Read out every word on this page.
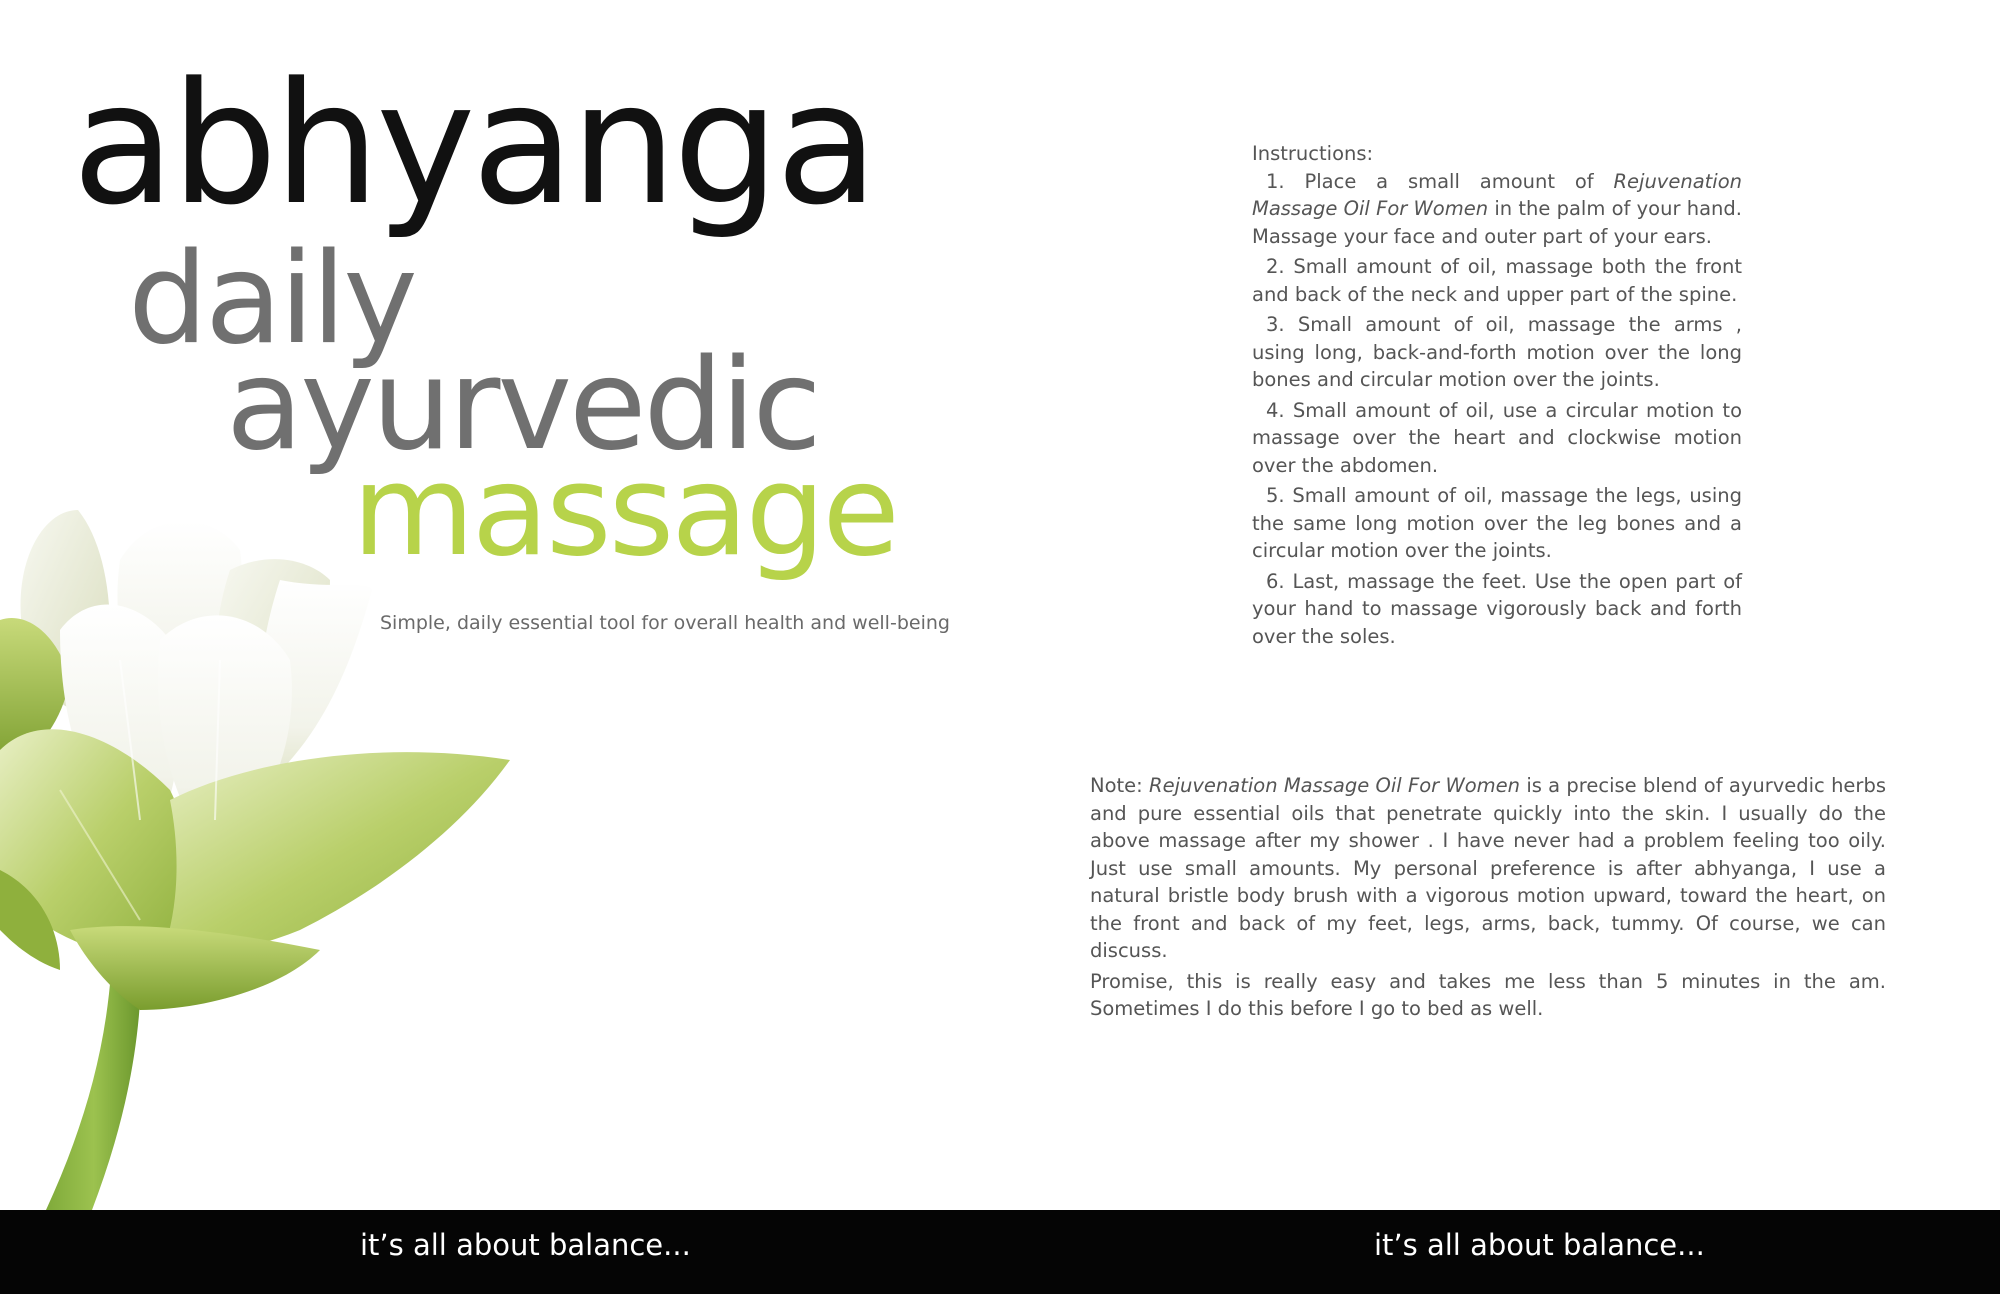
abhyanga
daily
ayurvedic
massage
Simple, daily essential tool for overall health and well-being
Instructions:

1. Place a small amount of Rejuvenation Massage Oil For Women in the palm of your hand. Massage your face and outer part of your ears.

2. Small amount of oil, massage both the front and back of the neck and upper part of the spine.

3. Small amount of oil, massage the arms , using long, back-and-forth motion over the long bones and circular motion over the joints.

4. Small amount of oil, use a circular motion to massage over the heart and clockwise motion over the abdomen.

5. Small amount of oil, massage the legs, using the same long motion over the leg bones and a circular motion over the joints.

6. Last, massage the feet. Use the open part of your hand to massage vigorously back and forth over the soles.

Note: Rejuvenation Massage Oil For Women is a precise blend of ayurvedic herbs and pure essential oils that penetrate quickly into the skin. I usually do the above massage after my shower . I have never had a problem feeling too oily. Just use small amounts. My personal preference is after abhyanga, I use a natural bristle body brush with a vigorous motion upward, toward the heart, on the front and back of my feet, legs, arms, back, tummy. Of course, we can discuss.

Promise, this is really easy and takes me less than 5 minutes in the am. Sometimes I do this before I go to bed as well.

it’s all about balance...	it’s all about balance...
